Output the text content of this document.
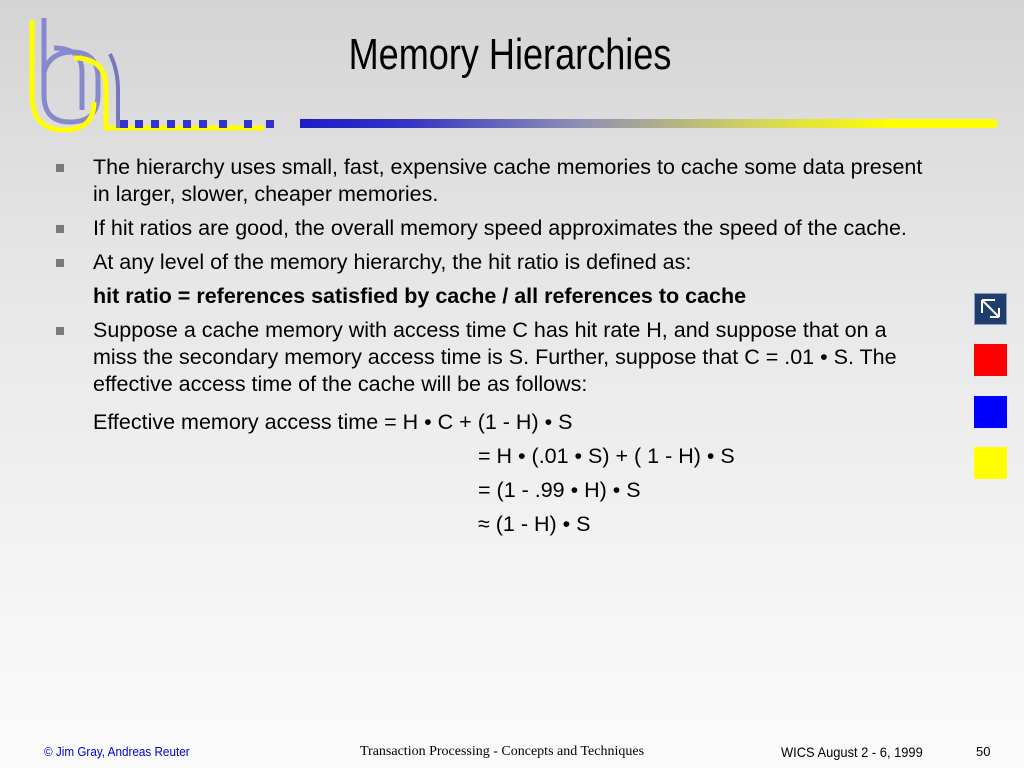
Memory Hierarchies
The hierarchy uses small, fast, expensive cache memories to cache some data present in larger, slower, cheaper memories.
If hit ratios are good, the overall memory speed approximates the speed of the cache.
At any level of the memory hierarchy, the hit ratio is defined as:
hit ratio = references satisfied by cache / all references to cache
Suppose a cache memory with access time C has hit rate H, and suppose that on a miss the secondary memory access time is S. Further, suppose that C = .01 • S. The effective access time of the cache will be as follows:
Effective memory access time = H • C + (1 - H) • S
= H • (.01 • S) + ( 1 - H) • S
= (1 - .99 • H) • S
≈ (1 - H) • S
© Jim Gray, Andreas Reuter	Transaction Processing - Concepts and Techniques	WICS August 2 - 6, 1999	50
